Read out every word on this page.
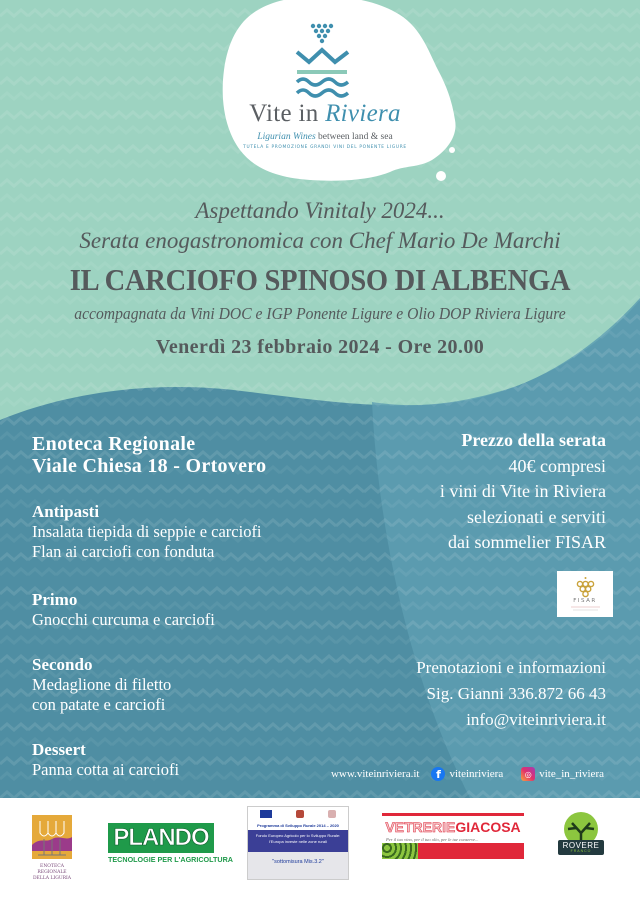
Vite in Riviera
Ligurian Wines between land & sea
TUTELA E PROMOZIONE GRANDI VINI DEL PONENTE LIGURE
Aspettando Vinitaly 2024...
Serata enogastronomica con Chef Mario De Marchi
IL CARCIOFO SPINOSO DI ALBENGA
accompagnata da Vini DOC e IGP Ponente Ligure e Olio DOP Riviera Ligure
Venerdì 23 febbraio 2024 - Ore 20.00
Enoteca Regionale
Viale Chiesa 18 - Ortovero
Antipasti
Insalata tiepida di seppie e carciofi
Flan ai carciofi con fonduta
Primo
Gnocchi curcuma e carciofi
Secondo
Medaglione di filetto
con patate e carciofi
Dessert
Panna cotta ai carciofi
Prezzo della serata
40€ compresi
i vini di Vite in Riviera
selezionati e serviti
dai sommelier FISAR
FISAR
Prenotazioni e informazioni
Sig. Gianni 336.872 66 43
info@viteinriviera.it
www.viteinriviera.it	f viteinriviera	◎ vite_in_riviera
ENOTECA REGIONALE
DELLA LIGURIA
PLANDO
TECNOLOGIE PER L'AGRICOLTURA
Programma di Sviluppo Rurale 2014 – 2020
Fondo Europeo Agricolo per lo Sviluppo Rurale: l'Europa investe nelle zone rurali
"sottomisura Mis.3.2"
VETRERIEGIACOSA
Per il tuo vino, per il tuo olio, per le tue conserve...
ROVERE
FRANCO
